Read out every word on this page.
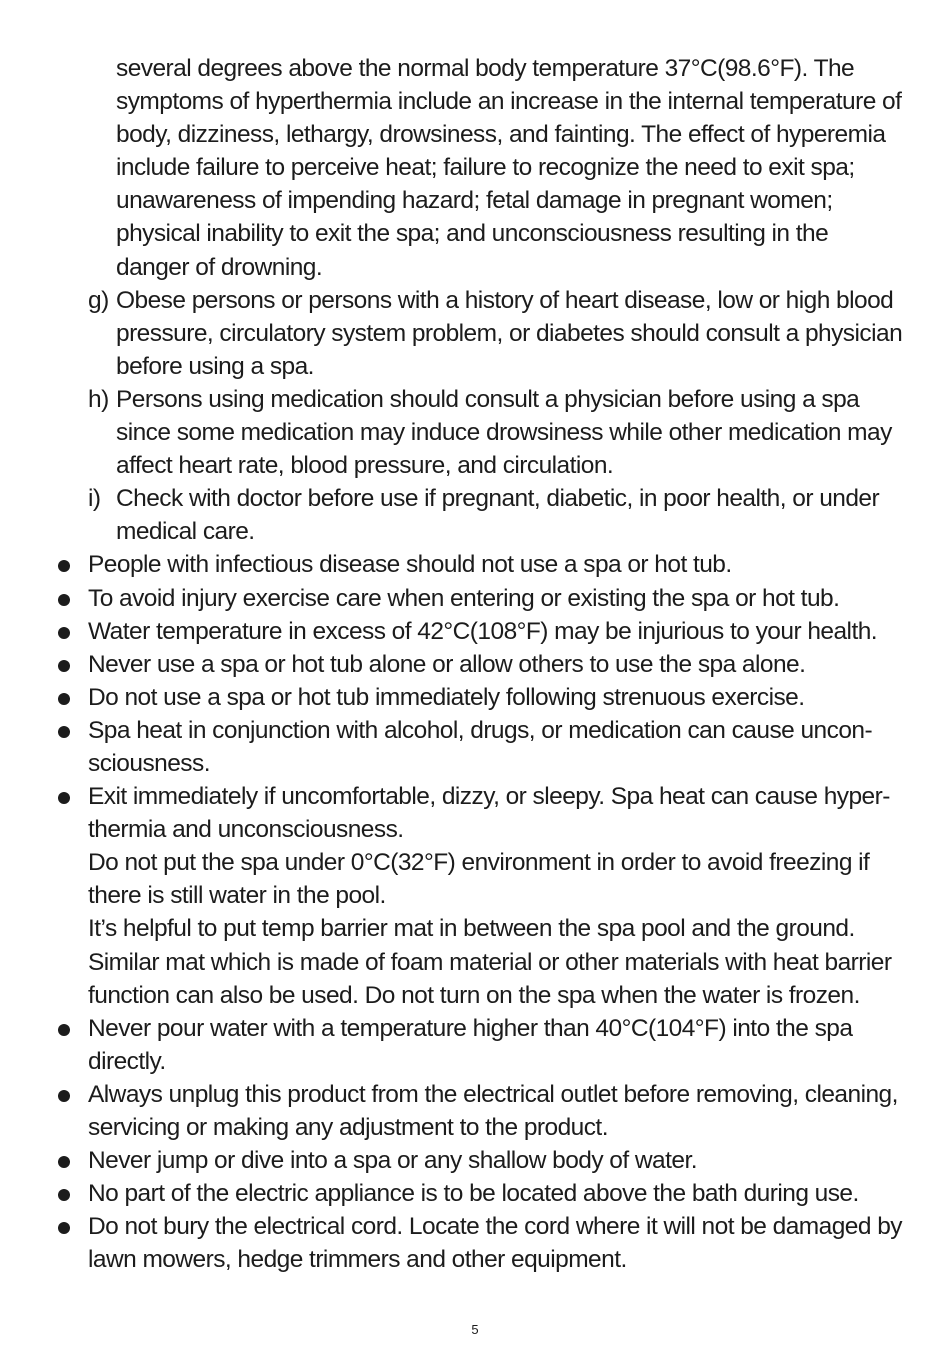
several degrees above the normal body temperature 37°C(98.6°F). The symptoms of hyperthermia include an increase in the internal temperature of body, dizziness, lethargy, drowsiness, and fainting. The effect of hyperemia include failure to perceive heat; failure to recognize the need to exit spa; unawareness of impending hazard; fetal damage in pregnant women; physical inability to exit the spa; and unconsciousness resulting in the danger of drowning.

g) Obese persons or persons with a history of heart disease, low or high blood pressure, circulatory system problem, or diabetes should consult a physician before using a spa.
h) Persons using medication should consult a physician before using a spa since some medication may induce drowsiness while other medication may affect heart rate, blood pressure, and circulation.
i) Check with doctor before use if pregnant, diabetic, in poor health, or under medical care.
People with infectious disease should not use a spa or hot tub.
To avoid injury exercise care when entering or existing the spa or hot tub.
Water temperature in excess of 42°C(108°F) may be injurious to your health.
Never use a spa or hot tub alone or allow others to use the spa alone.
Do not use a spa or hot tub immediately following strenuous exercise.
Spa heat in conjunction with alcohol, drugs, or medication can cause uncon-sciousness.
Exit immediately if uncomfortable, dizzy, or sleepy. Spa heat can cause hyper-thermia and unconsciousness.

Do not put the spa under 0°C(32°F) environment in order to avoid freezing if there is still water in the pool.

It’s helpful to put temp barrier mat in between the spa pool and the ground. Similar mat which is made of foam material or other materials with heat barrier function can also be used. Do not turn on the spa when the water is frozen.

Never pour water with a temperature higher than 40°C(104°F) into the spa directly.
Always unplug this product from the electrical outlet before removing, cleaning, servicing or making any adjustment to the product.
Never jump or dive into a spa or any shallow body of water.
No part of the electric appliance is to be located above the bath during use.
Do not bury the electrical cord. Locate the cord where it will not be damaged by lawn mowers, hedge trimmers and other equipment.
5
